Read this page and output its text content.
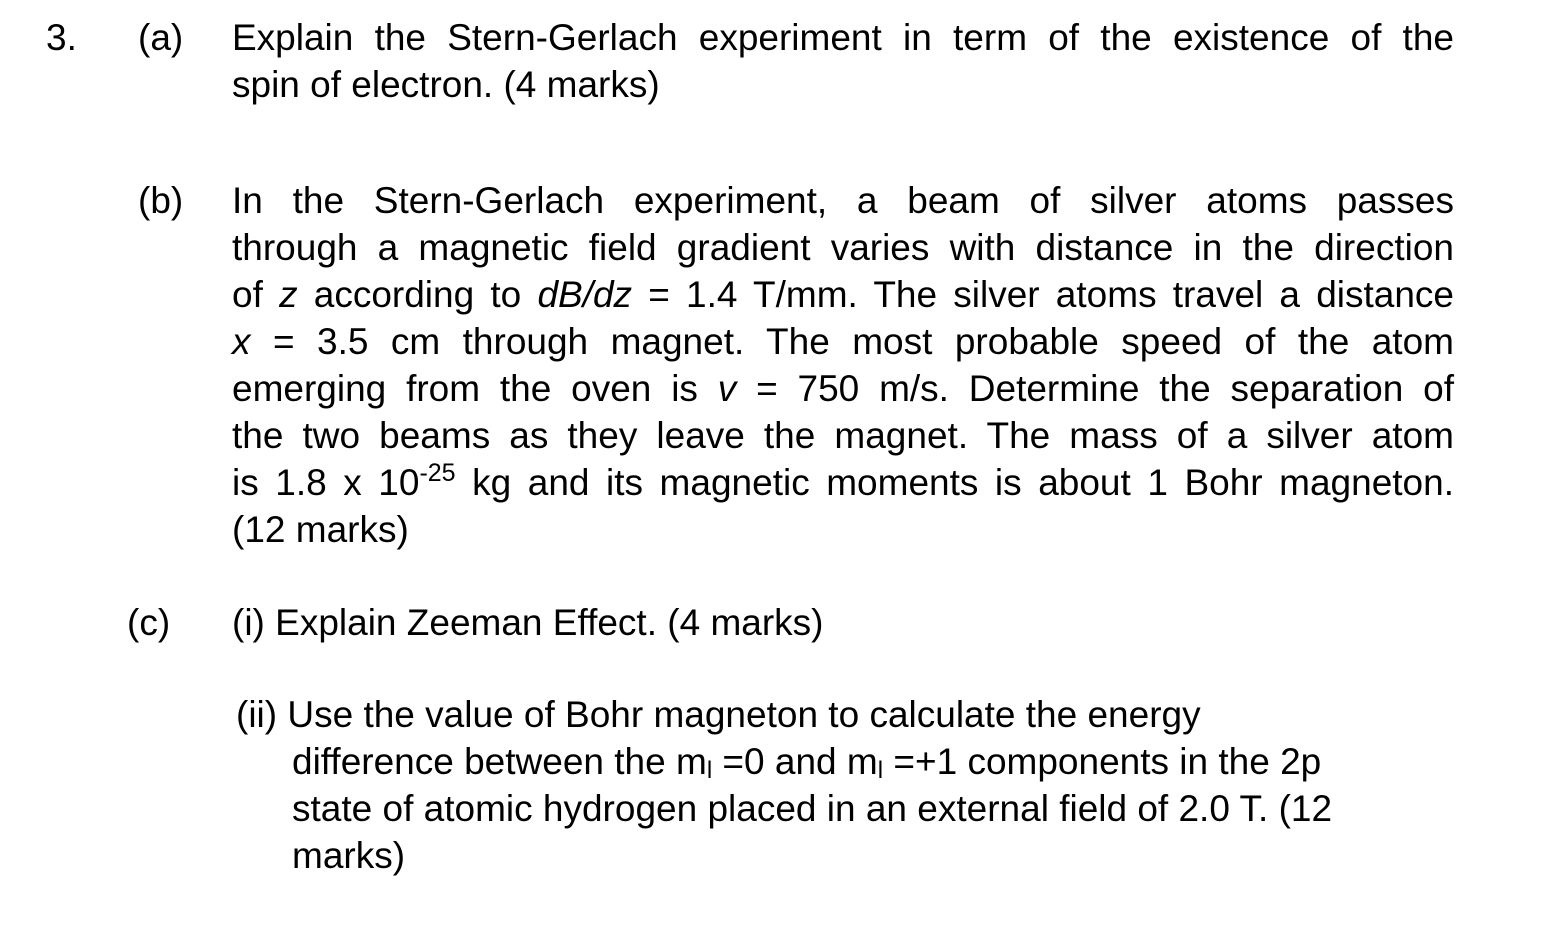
3. (a) Explain the Stern-Gerlach experiment in term of the existence of the
spin of electron. (4 marks)
(b) In the Stern-Gerlach experiment, a beam of silver atoms passes
through a magnetic field gradient varies with distance in the direction
of z according to dB/dz = 1.4 T/mm. The silver atoms travel a distance
x = 3.5 cm through magnet. The most probable speed of the atom
emerging from the oven is v = 750 m/s. Determine the separation of
the two beams as they leave the magnet. The mass of a silver atom
is 1.8 x $10^{-25}$ kg and its magnetic moments is about 1 Bohr magneton.
(12 marks)
(c) (i) Explain Zeeman Effect. (4 marks)
(ii) Use the value of Bohr magneton to calculate the energy
difference between the ml =0 and ml =+1 components in the 2p
state of atomic hydrogen placed in an external field of 2.0 T. (12
marks)
